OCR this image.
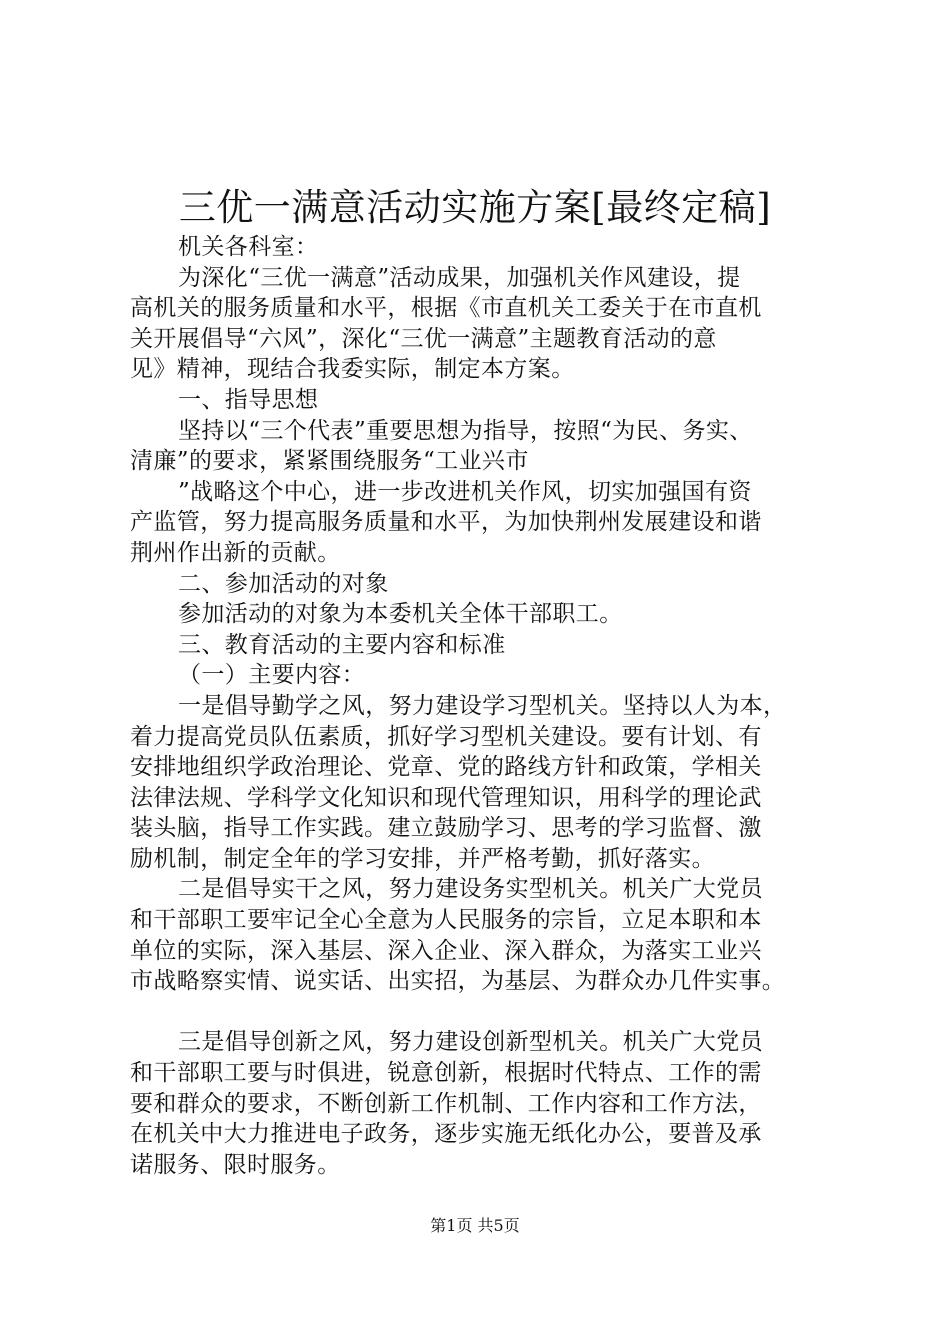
三优一满意活动实施方案[最终定稿]
机关各科室：
为深化“三优一满意”活动成果，加强机关作风建设，提
高机关的服务质量和水平，根据《市直机关工委关于在市直机
关开展倡导“六风”，深化“三优一满意”主题教育活动的意
见》精神，现结合我委实际，制定本方案。
一、指导思想
坚持以“三个代表”重要思想为指导，按照“为民、务实、
清廉”的要求，紧紧围绕服务“工业兴市
”战略这个中心，进一步改进机关作风，切实加强国有资
产监管，努力提高服务质量和水平，为加快荆州发展建设和谐
荆州作出新的贡献。
二、参加活动的对象
参加活动的对象为本委机关全体干部职工。
三、教育活动的主要内容和标准
（一）主要内容：
一是倡导勤学之风，努力建设学习型机关。坚持以人为本，
着力提高党员队伍素质，抓好学习型机关建设。要有计划、有
安排地组织学政治理论、党章、党的路线方针和政策，学相关
法律法规、学科学文化知识和现代管理知识，用科学的理论武
装头脑，指导工作实践。建立鼓励学习、思考的学习监督、激
励机制，制定全年的学习安排，并严格考勤，抓好落实。
二是倡导实干之风，努力建设务实型机关。机关广大党员
和干部职工要牢记全心全意为人民服务的宗旨，立足本职和本
单位的实际，深入基层、深入企业、深入群众，为落实工业兴
市战略察实情、说实话、出实招，为基层、为群众办几件实事。
三是倡导创新之风，努力建设创新型机关。机关广大党员
和干部职工要与时俱进，锐意创新，根据时代特点、工作的需
要和群众的要求，不断创新工作机制、工作内容和工作方法，
在机关中大力推进电子政务，逐步实施无纸化办公，要普及承
诺服务、限时服务。
第1页 共5页
